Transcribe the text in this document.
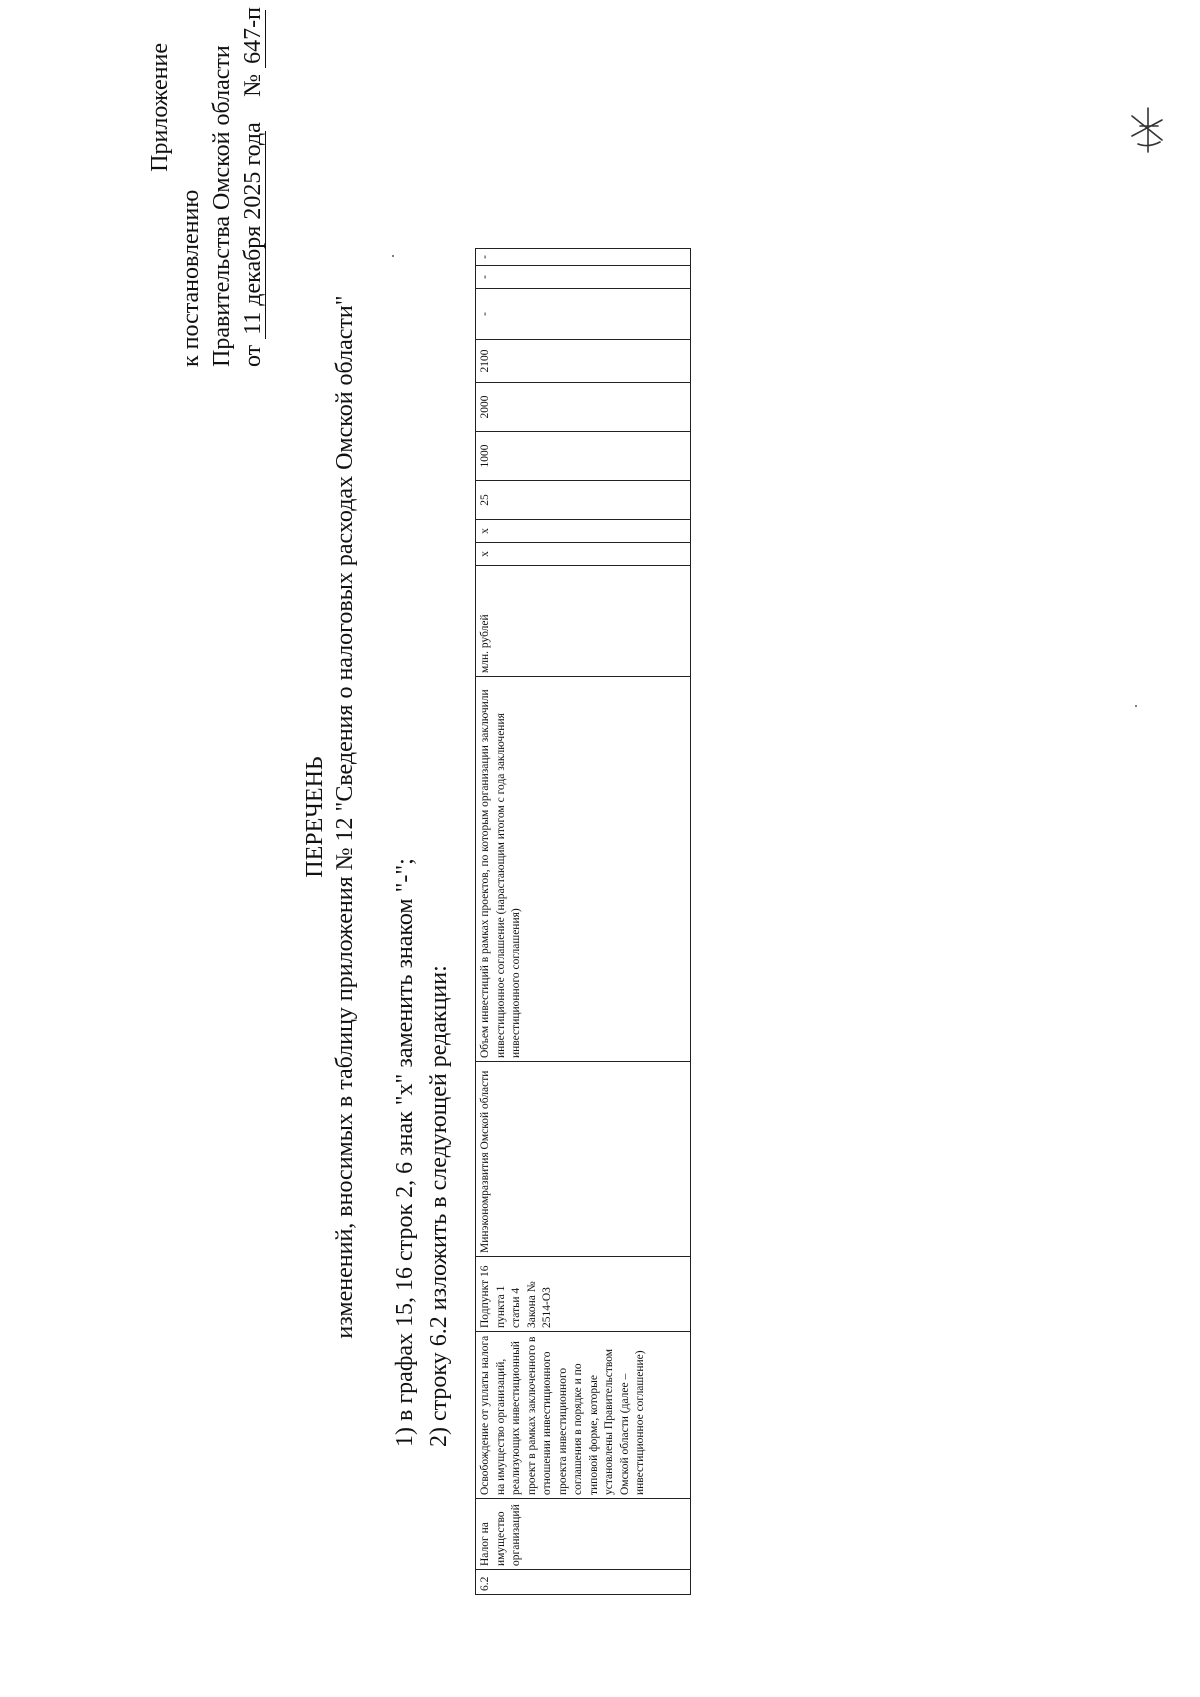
Приложение
к постановлению Правительства Омской области от 11 декабря 2025 года  № 647-п
ПЕРЕЧЕНЬ изменений, вносимых в таблицу приложения № 12 "Сведения о налоговых расходах Омской области" 1) в графах 15, 16 строк 2, 6 знак "х" заменить знаком "-"; 2) строку 6.2 изложить в следующей редакции:
6.2	Налог на имущество организаций	Освобождение от уплаты налога на имущество организаций, реализующих инвестиционный проект в рамках заключенного в отношении инвестиционного проекта инвестиционного соглашения в порядке и по типовой форме, которые установлены Правительством Омской области (далее – инвестиционное соглашение)	Подпункт 16 пункта 1 статьи 4 Закона № 2514-ОЗ	Минэкономразвития Омской области	Объем инвестиций в рамках проектов, по которым организации заключили инвестиционное соглашение (нарастающим итогом с года заключения инвестиционного соглашения)	млн. рублей	х	х	25	1000	2000	2100	-	-	-
